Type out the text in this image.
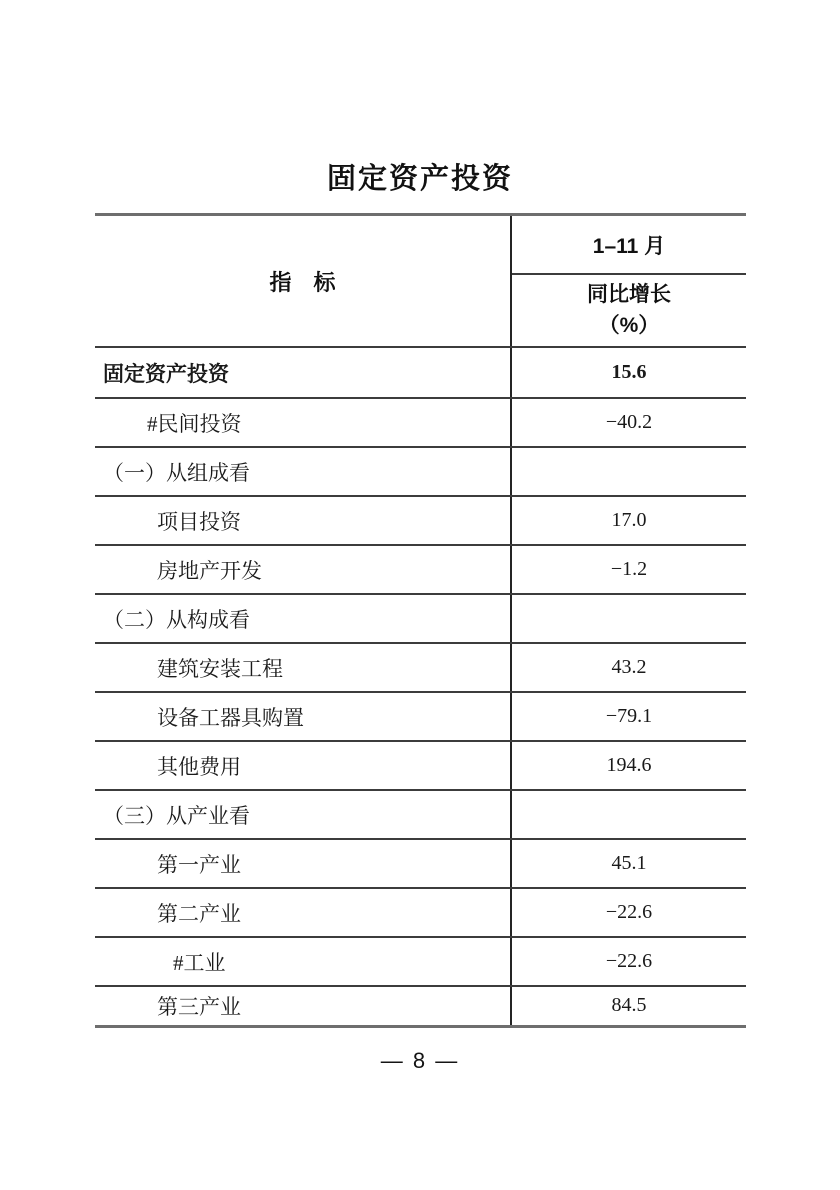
固定资产投资
指　标	1–11 月

	同比增长
（%）

固定资产投资	15.6
#民间投资	−40.2
（一）从组成看	
项目投资	17.0
房地产开发	−1.2
（二）从构成看	
建筑安装工程	43.2
设备工器具购置	−79.1
其他费用	194.6
（三）从产业看	
第一产业	45.1
第二产业	−22.6
#工业	−22.6
第三产业	84.5
— 8 —
